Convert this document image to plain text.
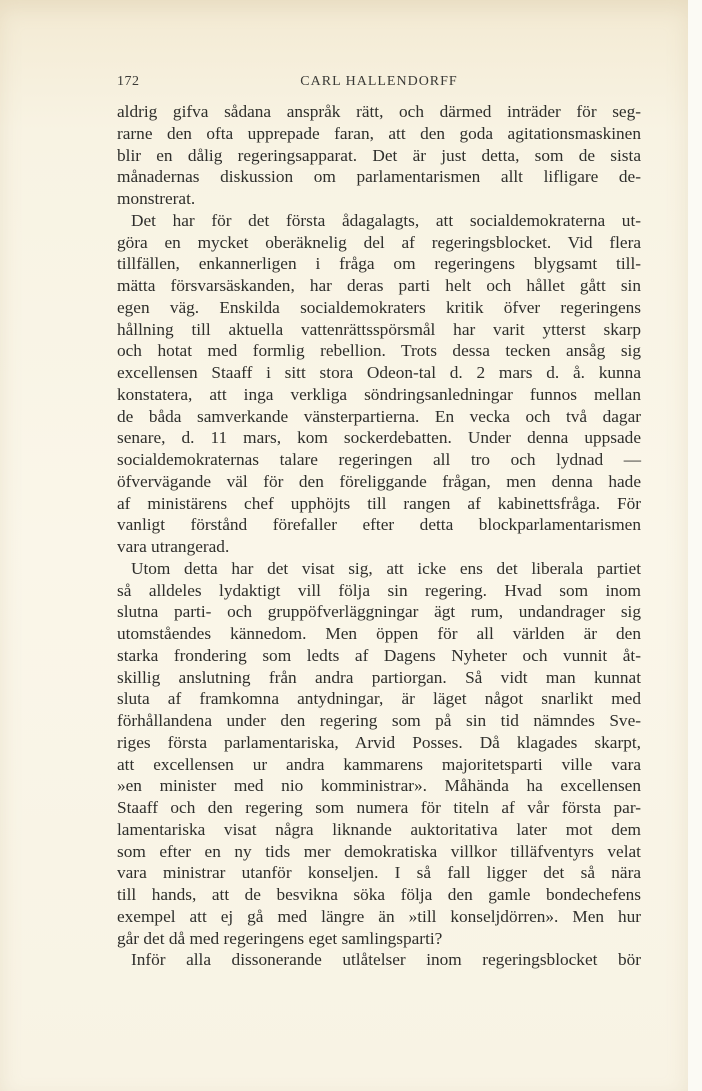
172	CARL HALLENDORFF
aldrig gifva sådana anspråk rätt, och därmed inträder för seg-
rarne den ofta upprepade faran, att den goda agitationsmaskinen
blir en dålig regeringsapparat. Det är just detta, som de sista
månadernas diskussion om parlamentarismen allt lifligare de-
monstrerat.
Det har för det första ådagalagts, att socialdemokraterna ut-
göra en mycket oberäknelig del af regeringsblocket. Vid flera
tillfällen, enkannerligen i fråga om regeringens blygsamt till-
mätta försvarsäskanden, har deras parti helt och hållet gått sin
egen väg. Enskilda socialdemokraters kritik öfver regeringens
hållning till aktuella vattenrättsspörsmål har varit ytterst skarp
och hotat med formlig rebellion. Trots dessa tecken ansåg sig
excellensen Staaff i sitt stora Odeon-tal d. 2 mars d. å. kunna
konstatera, att inga verkliga söndringsanledningar funnos mellan
de båda samverkande vänsterpartierna. En vecka och två dagar
senare, d. 11 mars, kom sockerdebatten. Under denna uppsade
socialdemokraternas talare regeringen all tro och lydnad —
öfvervägande väl för den föreliggande frågan, men denna hade
af ministärens chef upphöjts till rangen af kabinettsfråga. För
vanligt förstånd förefaller efter detta blockparlamentarismen
vara utrangerad.
Utom detta har det visat sig, att icke ens det liberala partiet
så alldeles lydaktigt vill följa sin regering. Hvad som inom
slutna parti- och gruppöfverläggningar ägt rum, undandrager sig
utomståendes kännedom. Men öppen för all världen är den
starka frondering som ledts af Dagens Nyheter och vunnit åt-
skillig anslutning från andra partiorgan. Så vidt man kunnat
sluta af framkomna antydningar, är läget något snarlikt med
förhållandena under den regering som på sin tid nämndes Sve-
riges första parlamentariska, Arvid Posses. Då klagades skarpt,
att excellensen ur andra kammarens majoritetsparti ville vara
»en minister med nio komministrar». Måhända ha excellensen
Staaff och den regering som numera för titeln af vår första par-
lamentariska visat några liknande auktoritativa later mot dem
som efter en ny tids mer demokratiska villkor tilläfventyrs velat
vara ministrar utanför konseljen. I så fall ligger det så nära
till hands, att de besvikna söka följa den gamle bondechefens
exempel att ej gå med längre än »till konseljdörren». Men hur
går det då med regeringens eget samlingsparti?
Inför alla dissonerande utlåtelser inom regeringsblocket bör
